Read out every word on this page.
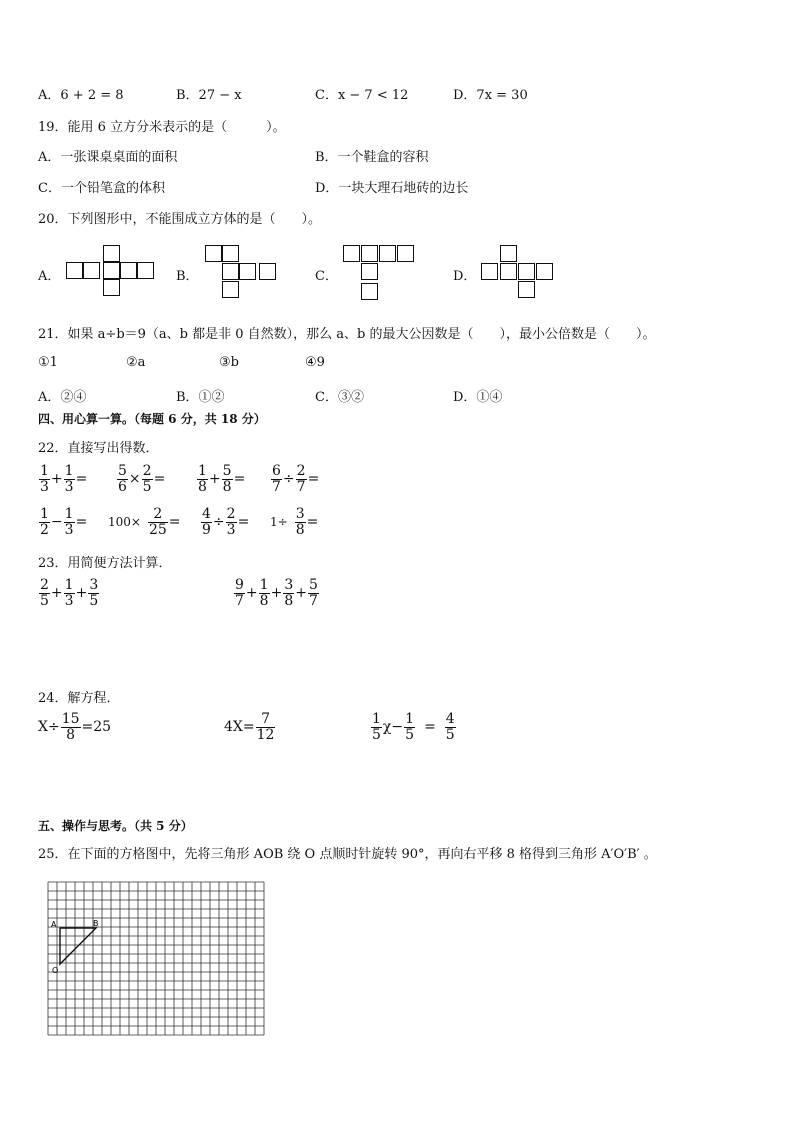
A．6 + 2 = 8	B．27 − x	C．x − 7 < 12	D．7x = 30
19．能用 6 立方分米表示的是（　　　）。
A．一张课桌桌面的面积	B．一个鞋盒的容积
C．一个铅笔盒的体积	D．一块大理石地砖的边长
20．下列图形中，不能围成立方体的是（　　）。
A．	B．	C．	D．
21．如果 a÷b＝9（a、b 都是非 0 自然数），那么 a、b 的最大公因数是（　　），最小公倍数是（　　）。
①1	②a	③b	④9
A．②④	B．①②	C．③②	D．①④
四、用心算一算。（每题 6 分，共 18 分）
22．直接写出得数．
$\frac{1}{3} + \frac{1}{3} = \frac{5}{6} \times \frac{2}{5} = \frac{1}{8} + \frac{5}{8} = \frac{6}{7} \div \frac{2}{7}$ =
$\frac{1}{2} - \frac{1}{3} = 100\times \frac{2}{25} = \frac{4}{9} \div \frac{2}{3} = 1\div \frac{3}{8}$ =
23．用简便方法计算．
$\frac{2}{5} + \frac{1}{3} + \frac{3}{5}$	$\frac{9}{7} + \frac{1}{8} + \frac{3}{8} + \frac{5}{7}$
24．解方程．
$X\div \frac{15}{8} =25$	$4X= \frac{7}{12}$	$\frac{1}{5} \chi- \frac{1}{5} = \frac{4}{5}$
五、操作与思考。（共 5 分）
25．在下面的方格图中，先将三角形 AOB 绕 O 点顺时针旋转 90°，再向右平移 8 格得到三角形 A′O′B′ 。
A	B
O
